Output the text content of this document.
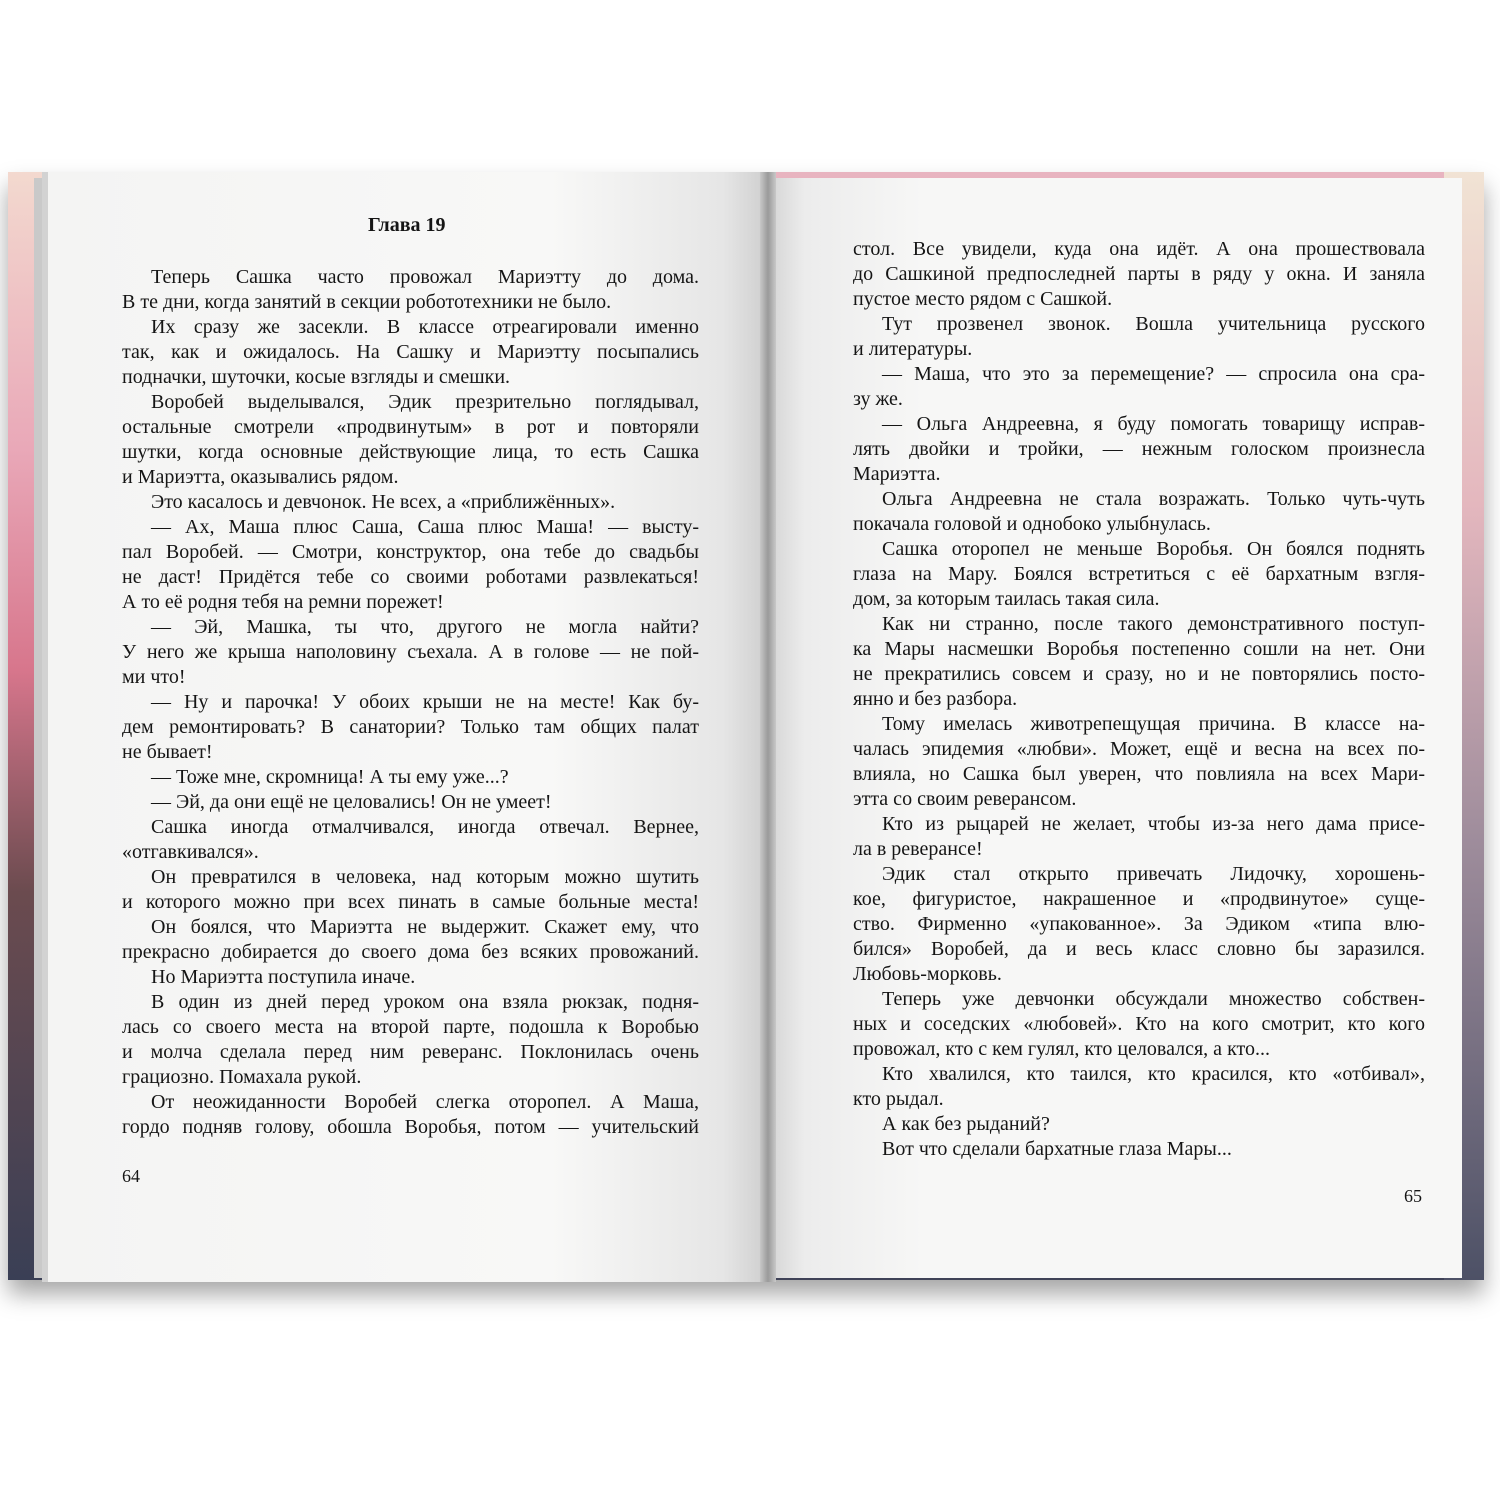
Глава 19
Теперь Сашка часто провожал Мариэтту до дома.
В те дни, когда занятий в секции робототехники не было.
Их сразу же засекли. В классе отреагировали именно
так, как и ожидалось. На Сашку и Мариэтту посыпались
подначки, шуточки, косые взгляды и смешки.
Воробей выделывался, Эдик презрительно поглядывал,
остальные смотрели «продвинутым» в рот и повторяли
шутки, когда основные действующие лица, то есть Сашка
и Мариэтта, оказывались рядом.
Это касалось и девчонок. Не всех, а «приближённых».
— Ах, Маша плюс Саша, Саша плюс Маша! — высту-
пал Воробей. — Смотри, конструктор, она тебе до свадьбы
не даст! Придётся тебе со своими роботами развлекаться!
А то её родня тебя на ремни порежет!
— Эй, Машка, ты что, другого не могла найти?
У него же крыша наполовину съехала. А в голове — не пой-
ми что!
— Ну и парочка! У обоих крыши не на месте! Как бу-
дем ремонтировать? В санатории? Только там общих палат
не бывает!
— Тоже мне, скромница! А ты ему уже...?
— Эй, да они ещё не целовались! Он не умеет!
Сашка иногда отмалчивался, иногда отвечал. Вернее,
«отгавкивался».
Он превратился в человека, над которым можно шутить
и которого можно при всех пинать в самые больные места!
Он боялся, что Мариэтта не выдержит. Скажет ему, что
прекрасно добирается до своего дома без всяких провожаний.
Но Мариэтта поступила иначе.
В один из дней перед уроком она взяла рюкзак, подня-
лась со своего места на второй парте, подошла к Воробью
и молча сделала перед ним реверанс. Поклонилась очень
грациозно. Помахала рукой.
От неожиданности Воробей слегка оторопел. А Маша,
гордо подняв голову, обошла Воробья, потом — учительский
стол. Все увидели, куда она идёт. А она прошествовала
до Сашкиной предпоследней парты в ряду у окна. И заняла
пустое место рядом с Сашкой.
Тут прозвенел звонок. Вошла учительница русского
и литературы.
— Маша, что это за перемещение? — спросила она сра-
зу же.
— Ольга Андреевна, я буду помогать товарищу исправ-
лять двойки и тройки, — нежным голоском произнесла
Мариэтта.
Ольга Андреевна не стала возражать. Только чуть-чуть
покачала головой и однобоко улыбнулась.
Сашка оторопел не меньше Воробья. Он боялся поднять
глаза на Мару. Боялся встретиться с её бархатным взгля-
дом, за которым таилась такая сила.
Как ни странно, после такого демонстративного поступ-
ка Мары насмешки Воробья постепенно сошли на нет. Они
не прекратились совсем и сразу, но и не повторялись посто-
янно и без разбора.
Тому имелась животрепещущая причина. В классе на-
чалась эпидемия «любви». Может, ещё и весна на всех по-
влияла, но Сашка был уверен, что повлияла на всех Мари-
этта со своим реверансом.
Кто из рыцарей не желает, чтобы из-за него дама присе-
ла в реверансе!
Эдик стал открыто привечать Лидочку, хорошень-
кое, фигуристое, накрашенное и «продвинутое» суще-
ство. Фирменно «упакованное». За Эдиком «типа влю-
бился» Воробей, да и весь класс словно бы заразился.
Любовь-морковь.
Теперь уже девчонки обсуждали множество собствен-
ных и соседских «любовей». Кто на кого смотрит, кто кого
провожал, кто с кем гулял, кто целовался, а кто...
Кто хвалился, кто таился, кто красился, кто «отбивал»,
кто рыдал.
А как без рыданий?
Вот что сделали бархатные глаза Мары...
64
65
